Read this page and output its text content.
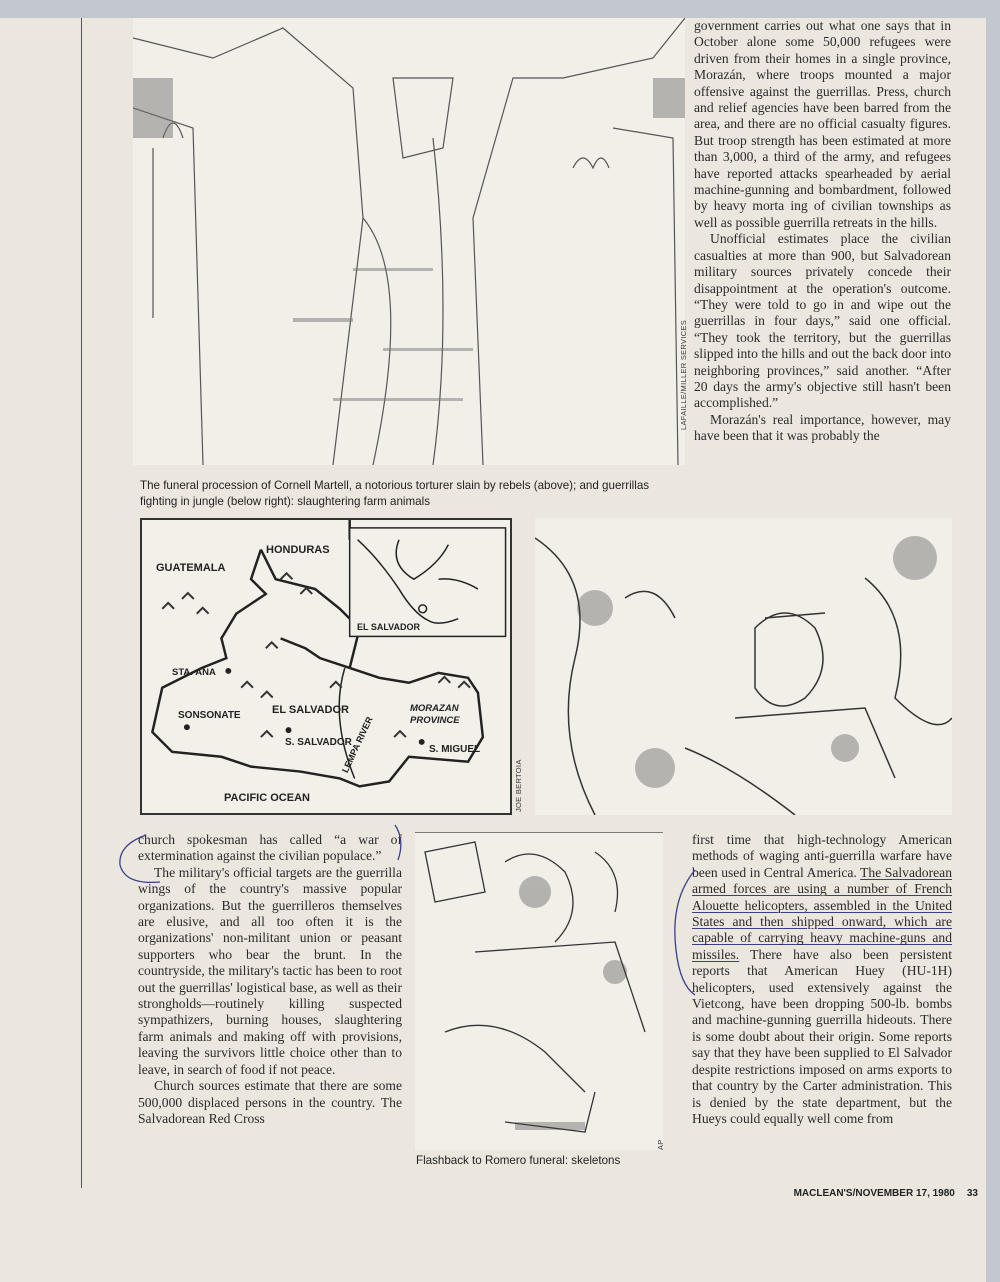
LAFAILLE/MILLER SERVICES
The funeral procession of Cornell Martell, a notorious torturer slain by rebels (above); and guerrillas fighting in jungle (below right): slaughtering farm animals
GUATEMALA
HONDURAS
EL SALVADOR
STA. ANA
SONSONATE	EL SALVADOR
S. SALVADOR
LEMPA RIVER
MORAZAN PROVINCE
S. MIGUEL
PACIFIC OCEAN	JOE BERTOIA
AP
Flashback to Romero funeral: skeletons

government carries out what one says that in October alone some 50,000 refugees were driven from their homes in a single province, Morazán, where troops mounted a major offensive against the guerrillas. Press, church and relief agencies have been barred from the area, and there are no official casualty figures. But troop strength has been estimated at more than 3,000, a third of the army, and refugees have reported attacks spearheaded by aerial machine-gunning and bombardment, followed by heavy morta ing of civilian townships as well as possible guerrilla retreats in the hills.

Unofficial estimates place the civilian casualties at more than 900, but Salvadorean military sources privately concede their disappointment at the operation's outcome. “They were told to go in and wipe out the guerrillas in four days,” said one official. “They took the territory, but the guerrillas slipped into the hills and out the back door into neighboring provinces,” said another. “After 20 days the army's objective still hasn't been accomplished.”

Morazán's real importance, however, may have been that it was probably the

church spokesman has called “a war of extermination against the civilian populace.”

The military's official targets are the guerrilla wings of the country's massive popular organizations. But the guerrilleros themselves are elusive, and all too often it is the organizations' non-militant union or peasant supporters who bear the brunt. In the countryside, the military's tactic has been to root out the guerrillas' logistical base, as well as their strongholds—routinely killing suspected sympathizers, burning houses, slaughtering farm animals and making off with provisions, leaving the survivors little choice other than to leave, in search of food if not peace.

Church sources estimate that there are some 500,000 displaced persons in the country. The Salvadorean Red Cross

first time that high-technology American methods of waging anti-guerrilla warfare have been used in Central America. The Salvadorean armed forces are using a number of French Alouette helicopters, assembled in the United States and then shipped onward, which are capable of carrying heavy machine-guns and missiles. There have also been persistent reports that American Huey (HU-1H) helicopters, used extensively against the Vietcong, have been dropping 500-lb. bombs and machine-gunning guerrilla hideouts. There is some doubt about their origin. Some reports say that they have been supplied to El Salvador despite restrictions imposed on arms exports to that country by the Carter administration. This is denied by the state department, but the Hueys could equally well come from

MACLEAN'S/NOVEMBER 17, 1980 33
